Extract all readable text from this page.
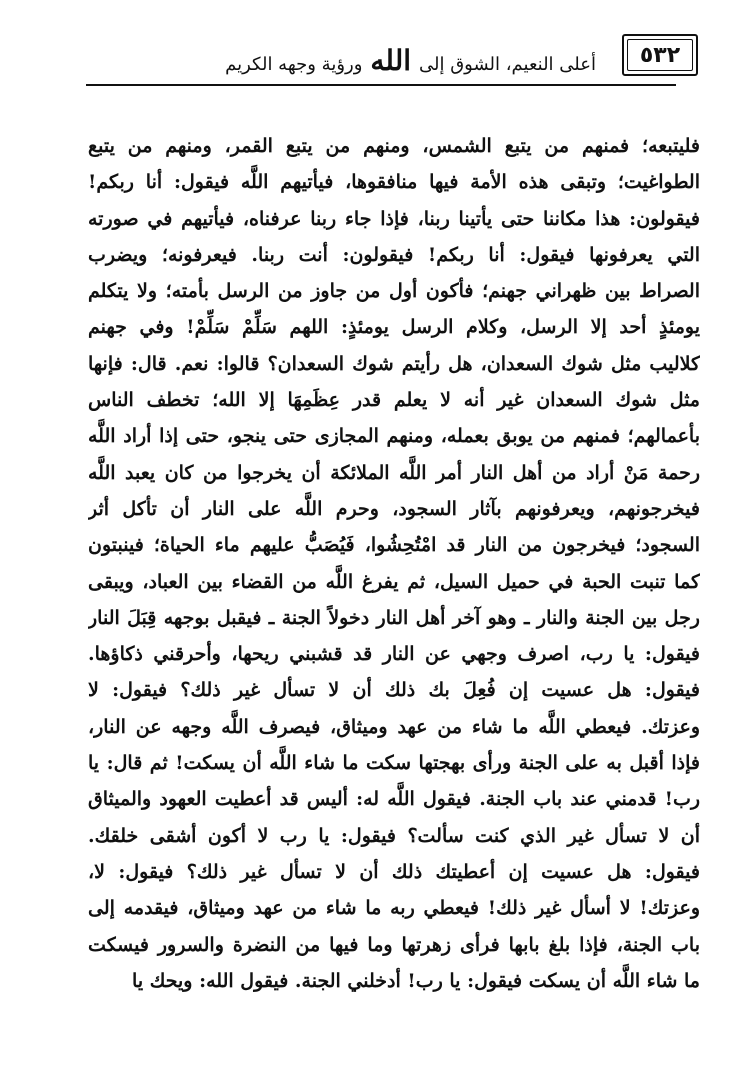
٥٣٢
أعلى النعيم، الشوق إلى
الله
ورؤية وجهه الكريم
فليتبعه؛ فمنهم من يتبع الشمس، ومنهم من يتبع القمر، ومنهم من يتبع
الطواغيت؛ وتبقى هذه الأمة فيها منافقوها، فيأتيهم اللَّه فيقول: أنا ربكم!
فيقولون: هذا مكاننا حتى يأتينا ربنا، فإذا جاء ربنا عرفناه، فيأتيهم في صورته
التي يعرفونها فيقول: أنا ربكم! فيقولون: أنت ربنا. فيعرفونه؛ ويضرب
الصراط بين ظهراني جهنم؛ فأكون أول من جاوز من الرسل بأمته؛ ولا يتكلم
يومئذٍ أحد إلا الرسل، وكلام الرسل يومئذٍ: اللهم سَلِّمْ سَلِّمْ! وفي جهنم
كلاليب مثل شوك السعدان، هل رأيتم شوك السعدان؟ قالوا: نعم. قال: فإنها
مثل شوك السعدان غير أنه لا يعلم قدر عِظَمِهَا إلا الله؛ تخطف الناس
بأعمالهم؛ فمنهم من يوبق بعمله، ومنهم المجازى حتى ينجو، حتى إذا أراد اللَّه
رحمة مَنْ أراد من أهل النار أمر اللَّه الملائكة أن يخرجوا من كان يعبد اللَّه
فيخرجونهم، ويعرفونهم بآثار السجود، وحرم اللَّه على النار أن تأكل أثر
السجود؛ فيخرجون من النار قد امْتُحِشُوا، فَيُصَبُّ عليهم ماء الحياة؛ فينبتون
كما تنبت الحبة في حميل السيل، ثم يفرغ اللَّه من القضاء بين العباد، ويبقى
رجل بين الجنة والنار ـ وهو آخر أهل النار دخولاً الجنة ـ فيقبل بوجهه قِبَلَ النار
فيقول: يا رب، اصرف وجهي عن النار قد قشبني ريحها، وأحرقني ذكاؤها.
فيقول: هل عسيت إن فُعِلَ بك ذلك أن لا تسأل غير ذلك؟ فيقول: لا
وعزتك. فيعطي اللَّه ما شاء من عهد وميثاق، فيصرف اللَّه وجهه عن النار،
فإذا أقبل به على الجنة ورأى بهجتها سكت ما شاء اللَّه أن يسكت! ثم قال: يا
رب! قدمني عند باب الجنة. فيقول اللَّه له: أليس قد أعطيت العهود والميثاق
أن لا تسأل غير الذي كنت سألت؟ فيقول: يا رب لا أكون أشقى خلقك.
فيقول: هل عسيت إن أعطيتك ذلك أن لا تسأل غير ذلك؟ فيقول: لا،
وعزتك! لا أسأل غير ذلك! فيعطي ربه ما شاء من عهد وميثاق، فيقدمه إلى
باب الجنة، فإذا بلغ بابها فرأى زهرتها وما فيها من النضرة والسرور فيسكت
ما شاء اللَّه أن يسكت فيقول: يا رب! أدخلني الجنة. فيقول الله: ويحك يا
